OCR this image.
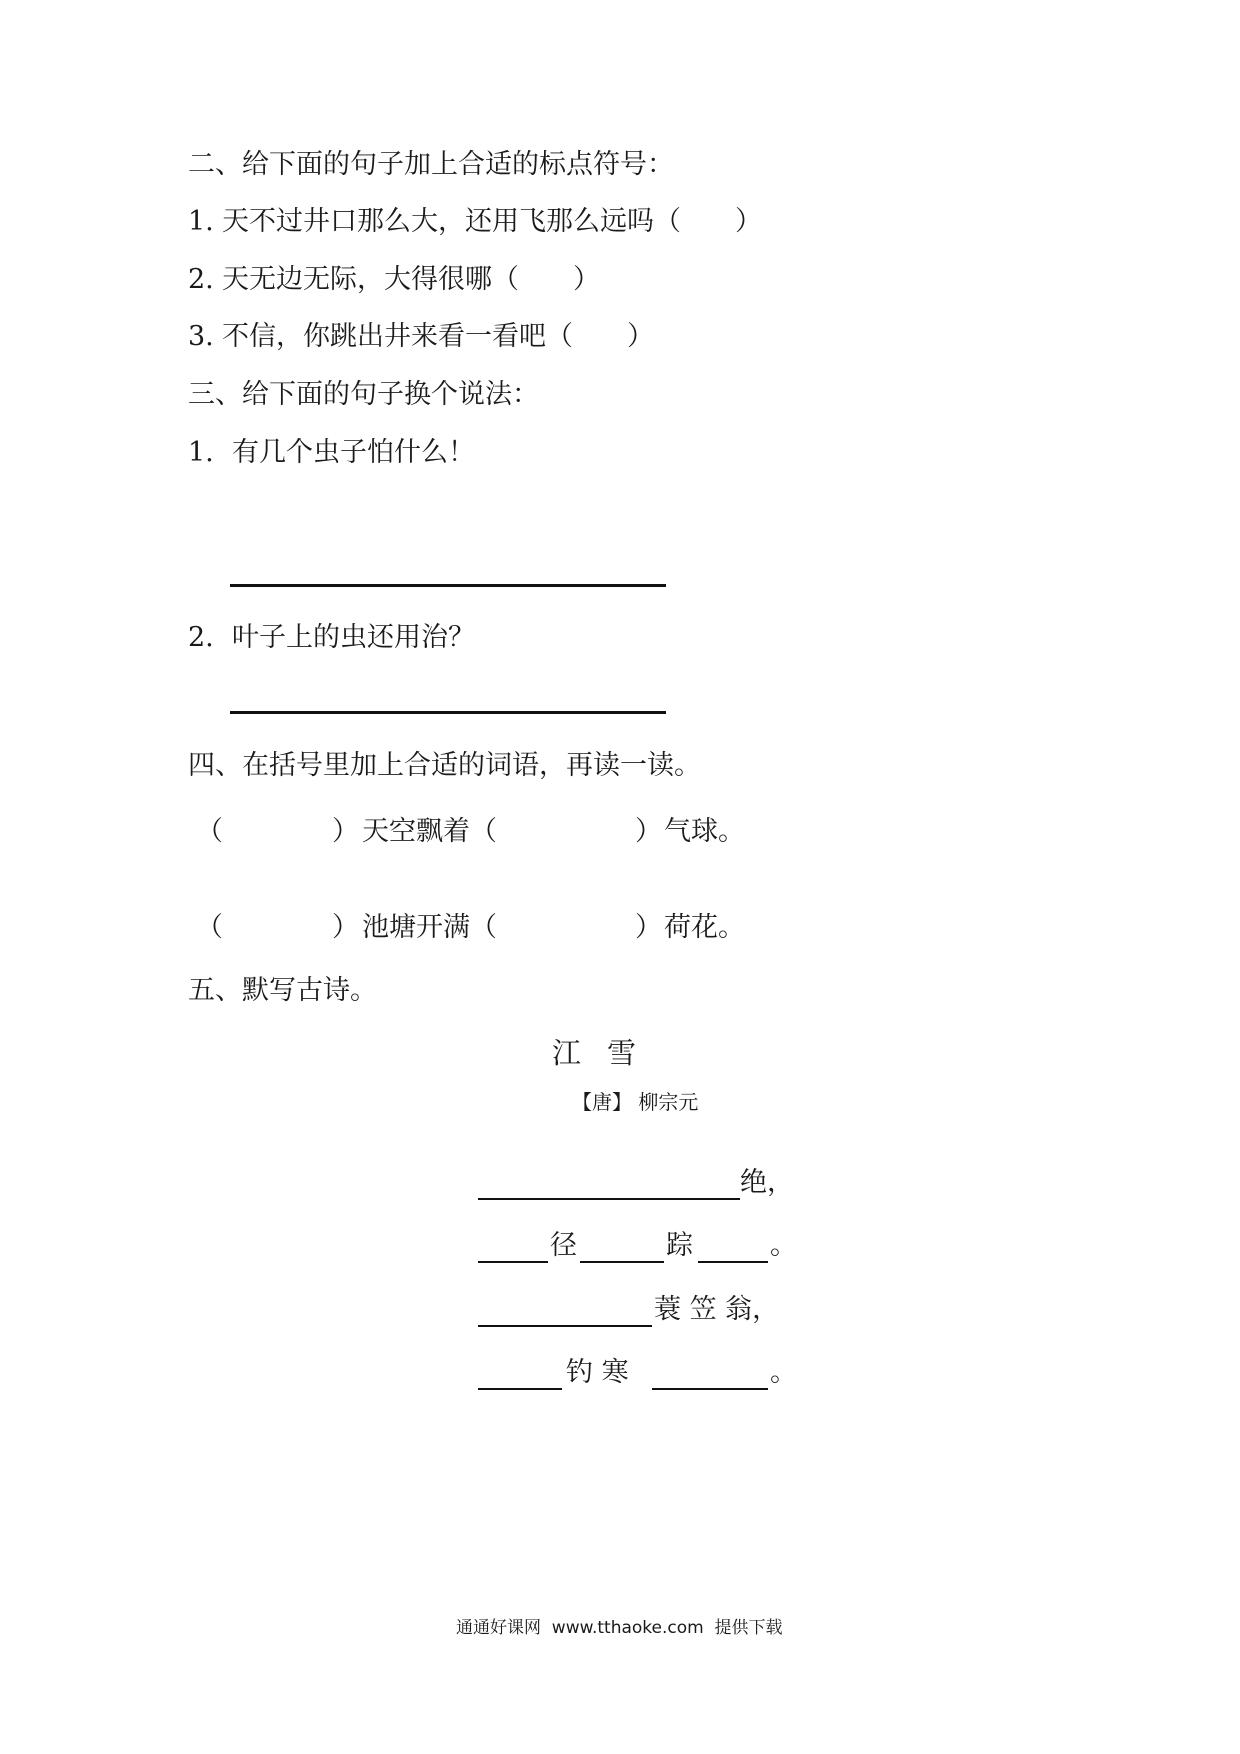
二、给下面的句子加上合适的标点符号：
1. 天不过井口那么大，还用飞那么远吗（　　）
2. 天无边无际，大得很哪（　　）
3. 不信，你跳出井来看一看吧（　　）
三、给下面的句子换个说法：
1. 有几个虫子怕什么！
2. 叶子上的虫还用治？
四、在括号里加上合适的词语，再读一读。
（	） 天空飘着（	） 气球。
（	） 池塘开满（	） 荷花。
五、默写古诗。
江雪
【唐】 柳宗元
绝，
径	踪	。
蓑 笠 翁，
钓 寒	。
通通好课网  www.tthaoke.com  提供下载
